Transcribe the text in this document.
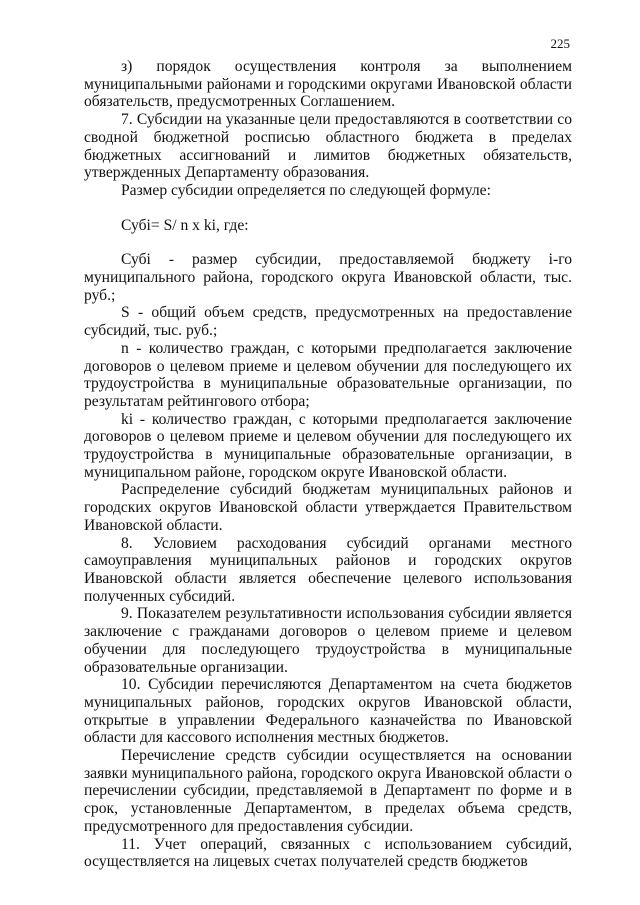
225

з) порядок осуществления контроля за выполнением муниципальными районами и городскими округами Ивановской области обязательств, предусмотренных Соглашением.

7. Субсидии на указанные цели предоставляются в соответствии со сводной бюджетной росписью областного бюджета в пределах бюджетных ассигнований и лимитов бюджетных обязательств, утвержденных Департаменту образования.

Размер субсидии определяется по следующей формуле:

Субi= S/ n x ki, где:

Субi - размер субсидии, предоставляемой бюджету i-го муниципального района, городского округа Ивановской области, тыс. руб.;

S - общий объем средств, предусмотренных на предоставление субсидий, тыс. руб.;

n - количество граждан, с которыми предполагается заключение договоров о целевом приеме и целевом обучении для последующего их трудоустройства в муниципальные образовательные организации, по результатам рейтингового отбора;

ki - количество граждан, с которыми предполагается заключение договоров о целевом приеме и целевом обучении для последующего их трудоустройства в муниципальные образовательные организации, в муниципальном районе, городском округе Ивановской области.

Распределение субсидий бюджетам муниципальных районов и городских округов Ивановской области утверждается Правительством Ивановской области.

8. Условием расходования субсидий органами местного самоуправления муниципальных районов и городских округов Ивановской области является обеспечение целевого использования полученных субсидий.

9. Показателем результативности использования субсидии является заключение с гражданами договоров о целевом приеме и целевом обучении для последующего трудоустройства в муниципальные образовательные организации.

10. Субсидии перечисляются Департаментом на счета бюджетов муниципальных районов, городских округов Ивановской области, открытые в управлении Федерального казначейства по Ивановской области для кассового исполнения местных бюджетов.

Перечисление средств субсидии осуществляется на основании заявки муниципального района, городского округа Ивановской области о перечислении субсидии, представляемой в Департамент по форме и в срок, установленные Департаментом, в пределах объема средств, предусмотренного для предоставления субсидии.

11. Учет операций, связанных с использованием субсидий, осуществляется на лицевых счетах получателей средств бюджетов
